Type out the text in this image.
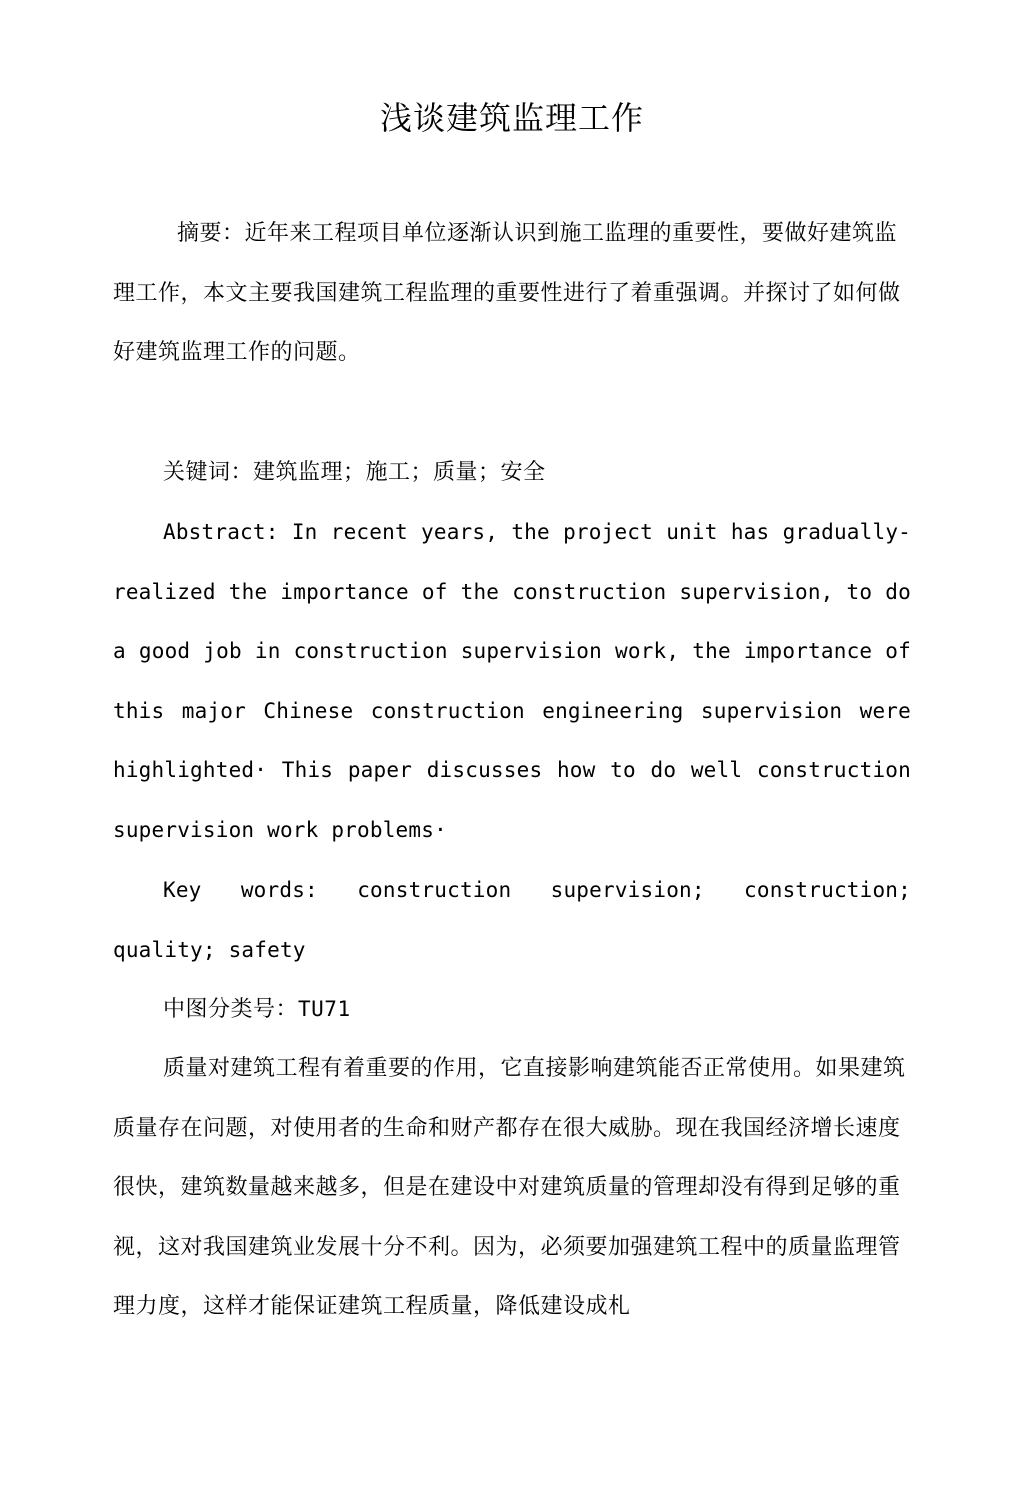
浅谈建筑监理工作

摘要：近年来工程项目单位逐渐认识到施工监理的重要性，要做好建筑监理工作，本文主要我国建筑工程监理的重要性进行了着重强调。并探讨了如何做好建筑监理工作的问题。

关键词：建筑监理；施工；质量；安全

Abstract: In recent years, the project unit has gradually-realized the importance of the construction supervision, to do a good job in construction supervision work, the importance of this major Chinese construction engineering supervision were highlighted· This paper discusses how to do well construction supervision work problems·

Key words: construction supervision; construction; quality; safety

中图分类号：TU71

质量对建筑工程有着重要的作用，它直接影响建筑能否正常使用。如果建筑质量存在问题，对使用者的生命和财产都存在很大威胁。现在我国经济增长速度很快，建筑数量越来越多，但是在建设中对建筑质量的管理却没有得到足够的重视，这对我国建筑业发展十分不利。因为，必须要加强建筑工程中的质量监理管理力度，这样才能保证建筑工程质量，降低建设成札
